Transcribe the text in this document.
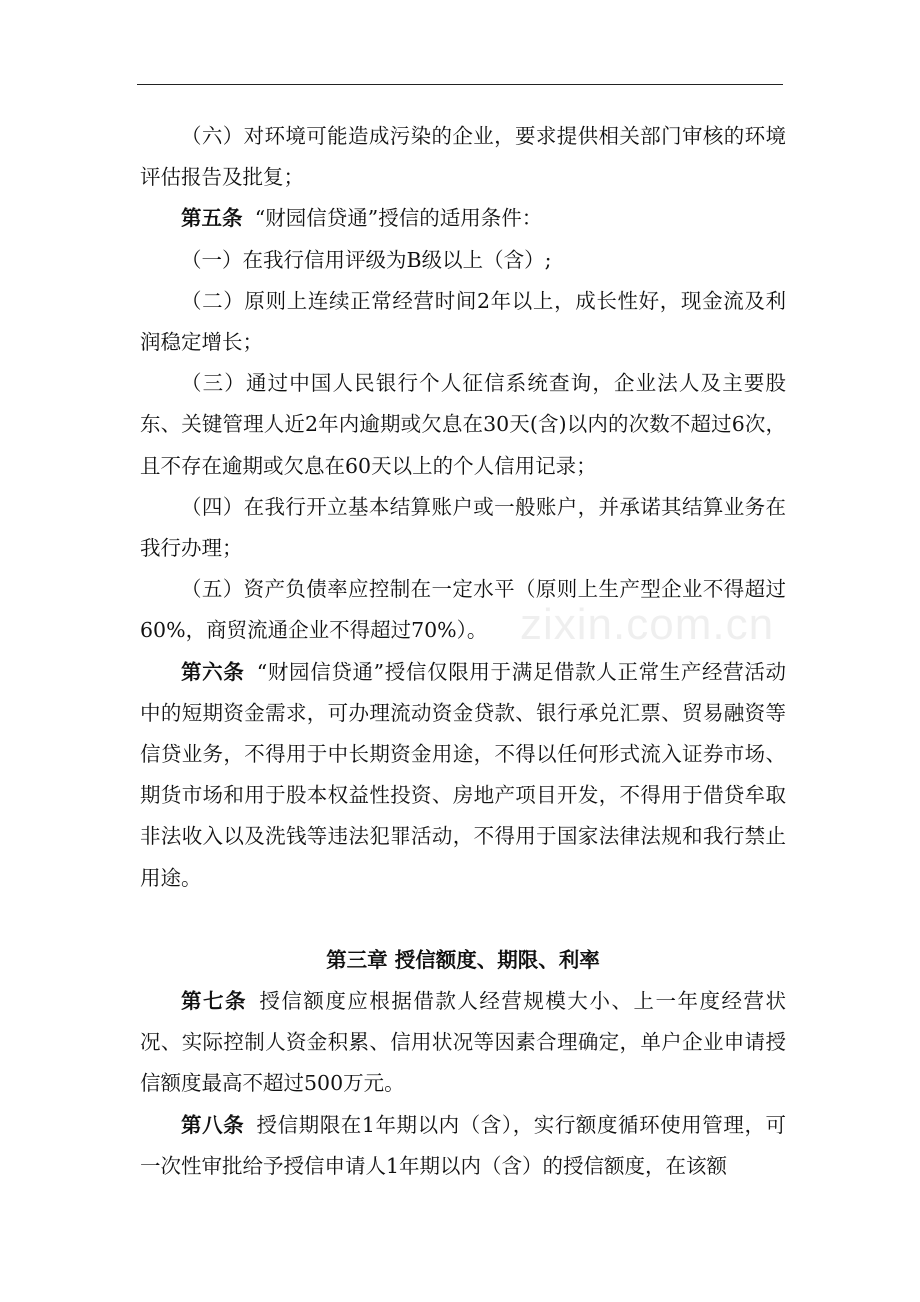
（六）对环境可能造成污染的企业，要求提供相关部门审核的环境评估报告及批复；

第五条 “财园信贷通”授信的适用条件：

（一）在我行信用评级为B级以上（含）;

（二）原则上连续正常经营时间2年以上，成长性好，现金流及利润稳定增长；

（三）通过中国人民银行个人征信系统查询，企业法人及主要股东、关键管理人近2年内逾期或欠息在30天(含)以内的次数不超过6次，且不存在逾期或欠息在60天以上的个人信用记录；

（四）在我行开立基本结算账户或一般账户，并承诺其结算业务在我行办理；

（五）资产负债率应控制在一定水平（原则上生产型企业不得超过60%，商贸流通企业不得超过70%）。

第六条 “财园信贷通”授信仅限用于满足借款人正常生产经营活动中的短期资金需求，可办理流动资金贷款、银行承兑汇票、贸易融资等信贷业务，不得用于中长期资金用途，不得以任何形式流入证券市场、期货市场和用于股本权益性投资、房地产项目开发，不得用于借贷牟取非法收入以及洗钱等违法犯罪活动，不得用于国家法律法规和我行禁止用途。

第三章 授信额度、期限、利率

第七条 授信额度应根据借款人经营规模大小、上一年度经营状况、实际控制人资金积累、信用状况等因素合理确定，单户企业申请授信额度最高不超过500万元。

第八条 授信期限在1年期以内（含），实行额度循环使用管理，可一次性审批给予授信申请人1年期以内（含）的授信额度，在该额

zixin.com.cn
